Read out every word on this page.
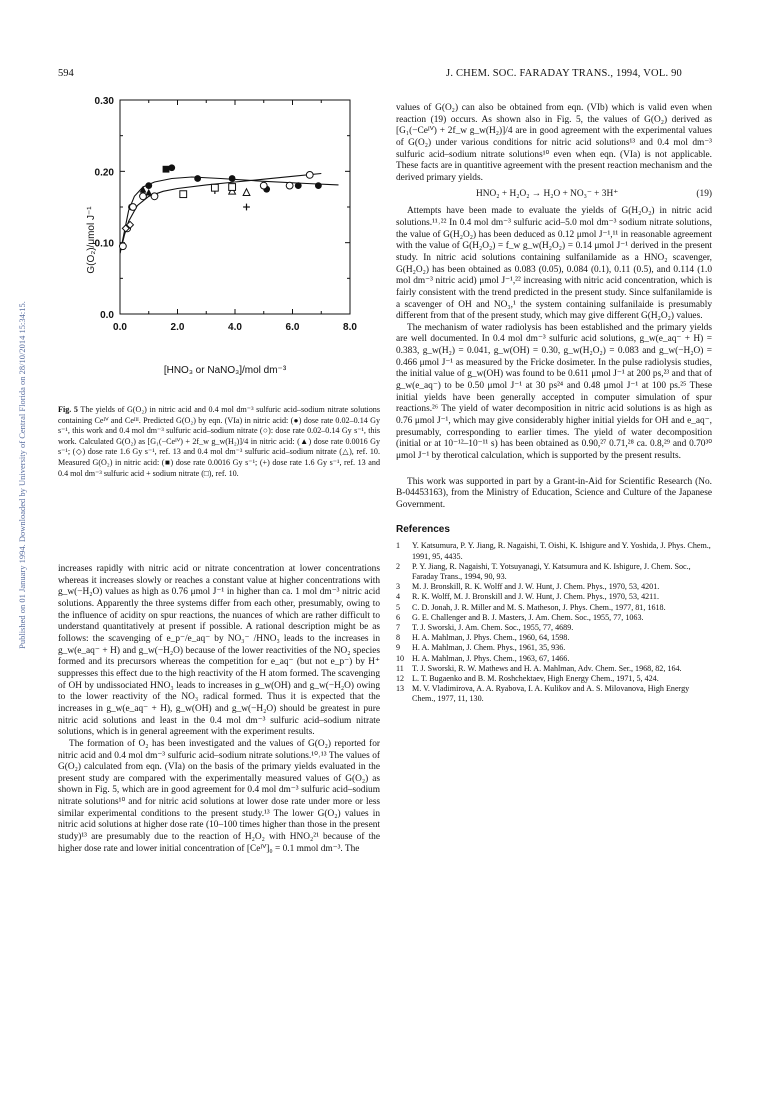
594	J. CHEM. SOC. FARADAY TRANS., 1994, VOL. 90
Published on 01 January 1994. Downloaded by University of Central Florida on 28/10/2014 15:34:15.	0.0	2.0	4.0	6.0	8.0
0.0
0.10
0.20
0.30
G(O₂)/μmol J⁻¹
[HNO₃ or NaNO₃]/mol dm⁻³
Fig. 5 The yields of G(O₂) in nitric acid and 0.4 mol dm⁻³ sulfuric acid–sodium nitrate solutions containing Ceᴵⱽ and Ceᴵᴵᴵ. Predicted G(O₂) by eqn. (VIa) in nitric acid: (●) dose rate 0.02–0.14 Gy s⁻¹, this work and 0.4 mol dm⁻³ sulfuric acid–sodium nitrate (○): dose rate 0.02–0.14 Gy s⁻¹, this work. Calculated G(O₂) as [G₁(−Ceᴵⱽ) + 2f_w g_w(H₂)]/4 in nitric acid: (▲) dose rate 0.0016 Gy s⁻¹; (◇) dose rate 1.6 Gy s⁻¹, ref. 13 and 0.4 mol dm⁻³ sulfuric acid–sodium nitrate (△), ref. 10. Measured G(O₂) in nitric acid: (■) dose rate 0.0016 Gy s⁻¹; (+) dose rate 1.6 Gy s⁻¹, ref. 13 and 0.4 mol dm⁻³ sulfuric acid + sodium nitrate (□), ref. 10.

increases rapidly with nitric acid or nitrate concentration at lower concentrations whereas it increases slowly or reaches a constant value at higher concentrations with g_w(−H₂O) values as high as 0.76 μmol J⁻¹ in higher than ca. 1 mol dm⁻³ nitric acid solutions. Apparently the three systems differ from each other, presumably, owing to the influence of acidity on spur reactions, the nuances of which are rather difficult to understand quantitatively at present if possible. A rational description might be as follows: the scavenging of e_p⁻/e_aq⁻ by NO₃⁻ /HNO₃ leads to the increases in g_w(e_aq⁻ + H) and g_w(−H₂O) because of the lower reactivities of the NO₂ species formed and its precursors whereas the competition for e_aq⁻ (but not e_p⁻) by H⁺ suppresses this effect due to the high reactivity of the H atom formed. The scavenging of OH by undissociated HNO₃ leads to increases in g_w(OH) and g_w(−H₂O) owing to the lower reactivity of the NO₃ radical formed. Thus it is expected that the increases in g_w(e_aq⁻ + H), g_w(OH) and g_w(−H₂O) should be greatest in pure nitric acid solutions and least in the 0.4 mol dm⁻³ sulfuric acid–sodium nitrate solutions, which is in general agreement with the experiment results.

The formation of O₂ has been investigated and the values of G(O₂) reported for nitric acid and 0.4 mol dm⁻³ sulfuric acid–sodium nitrate solutions.¹⁰˒¹³ The values of G(O₂) calculated from eqn. (VIa) on the basis of the primary yields evaluated in the present study are compared with the experimentally measured values of G(O₂) as shown in Fig. 5, which are in good agreement for 0.4 mol dm⁻³ sulfuric acid–sodium nitrate solutions¹⁰ and for nitric acid solutions at lower dose rate under more or less similar experimental conditions to the present study.¹³ The lower G(O₂) values in nitric acid solutions at higher dose rate (10–100 times higher than those in the present study)¹³ are presumably due to the reaction of H₂O₂ with HNO₂²¹ because of the higher dose rate and lower initial concentration of [Ceᴵⱽ]₀ = 0.1 mmol dm⁻³. The

values of G(O₂) can also be obtained from eqn. (VIb) which is valid even when reaction (19) occurs. As shown also in Fig. 5, the values of G(O₂) derived as [G₁(−Ceᴵⱽ) + 2f_w g_w(H₂)]/4 are in good agreement with the experimental values of G(O₂) under various conditions for nitric acid solutions¹³ and 0.4 mol dm⁻³ sulfuric acid–sodium nitrate solutions¹⁰ even when eqn. (VIa) is not applicable. These facts are in quantitive agreement with the present reaction mechanism and the derived primary yields.

HNO₂ + H₂O₂ → H₂O + NO₃⁻ + 3H⁺	(19)

Attempts have been made to evaluate the yields of G(H₂O₂) in nitric acid solutions.¹¹˒²² In 0.4 mol dm⁻³ sulfuric acid–5.0 mol dm⁻³ sodium nitrate solutions, the value of G(H₂O₂) has been deduced as 0.12 μmol J⁻¹,¹¹ in reasonable agreement with the value of G(H₂O₂) = f_w g_w(H₂O₂) = 0.14 μmol J⁻¹ derived in the present study. In nitric acid solutions containing sulfanilamide as a HNO₂ scavenger, G(H₂O₂) has been obtained as 0.083 (0.05), 0.084 (0.1), 0.11 (0.5), and 0.114 (1.0 mol dm⁻³ nitric acid) μmol J⁻¹,²² increasing with nitric acid concentration, which is fairly consistent with the trend predicted in the present study. Since sulfanilamide is a scavenger of OH and NO₃,¹ the system containing sulfanilaide is presumably different from that of the present study, which may give different G(H₂O₂) values.

The mechanism of water radiolysis has been established and the primary yields are well documented. In 0.4 mol dm⁻³ sulfuric acid solutions, g_w(e_aq⁻ + H) = 0.383, g_w(H₂) = 0.041, g_w(OH) = 0.30, g_w(H₂O₂) = 0.083 and g_w(−H₂O) = 0.466 μmol J⁻¹ as measured by the Fricke dosimeter. In the pulse radiolysis studies, the initial value of g_w(OH) was found to be 0.611 μmol J⁻¹ at 200 ps,²³ and that of g_w(e_aq⁻) to be 0.50 μmol J⁻¹ at 30 ps²⁴ and 0.48 μmol J⁻¹ at 100 ps.²⁵ These initial yields have been generally accepted in computer simulation of spur reactions.²⁶ The yield of water decomposition in nitric acid solutions is as high as 0.76 μmol J⁻¹, which may give considerably higher initial yields for OH and e_aq⁻, presumably, corresponding to earlier times. The yield of water decomposition (initial or at 10⁻¹²–10⁻¹¹ s) has been obtained as 0.90,²⁷ 0.71,²⁸ ca. 0.8,²⁹ and 0.70³⁰ μmol J⁻¹ by therotical calculation, which is supported by the present results.

This work was supported in part by a Grant-in-Aid for Scientific Research (No. B-04453163), from the Ministry of Education, Science and Culture of the Japanese Government.

References
1	Y. Katsumura, P. Y. Jiang, R. Nagaishi, T. Oishi, K. Ishigure and Y. Yoshida, J. Phys. Chem., 1991, 95, 4435.
2	P. Y. Jiang, R. Nagaishi, T. Yotsuyanagi, Y. Katsumura and K. Ishigure, J. Chem. Soc., Faraday Trans., 1994, 90, 93.
3	M. J. Bronskill, R. K. Wolff and J. W. Hunt, J. Chem. Phys., 1970, 53, 4201.
4	R. K. Wolff, M. J. Bronskill and J. W. Hunt, J. Chem. Phys., 1970, 53, 4211.
5	C. D. Jonah, J. R. Miller and M. S. Matheson, J. Phys. Chem., 1977, 81, 1618.
6	G. E. Challenger and B. J. Masters, J. Am. Chem. Soc., 1955, 77, 1063.
7	T. J. Sworski, J. Am. Chem. Soc., 1955, 77, 4689.
8	H. A. Mahlman, J. Phys. Chem., 1960, 64, 1598.
9	H. A. Mahlman, J. Chem. Phys., 1961, 35, 936.
10 H. A. Mahlman, J. Phys. Chem., 1963, 67, 1466.
11	T. J. Sworski, R. W. Mathews and H. A. Mahlman, Adv. Chem. Ser., 1968, 82, 164.
12 L. T. Bugaenko and B. M. Roshchektaev, High Energy Chem., 1971, 5, 424.
13 M. V. Vladimirova, A. A. Ryabova, I. A. Kulikov and A. S. Milovanova, High Energy Chem., 1977, 11, 130.
